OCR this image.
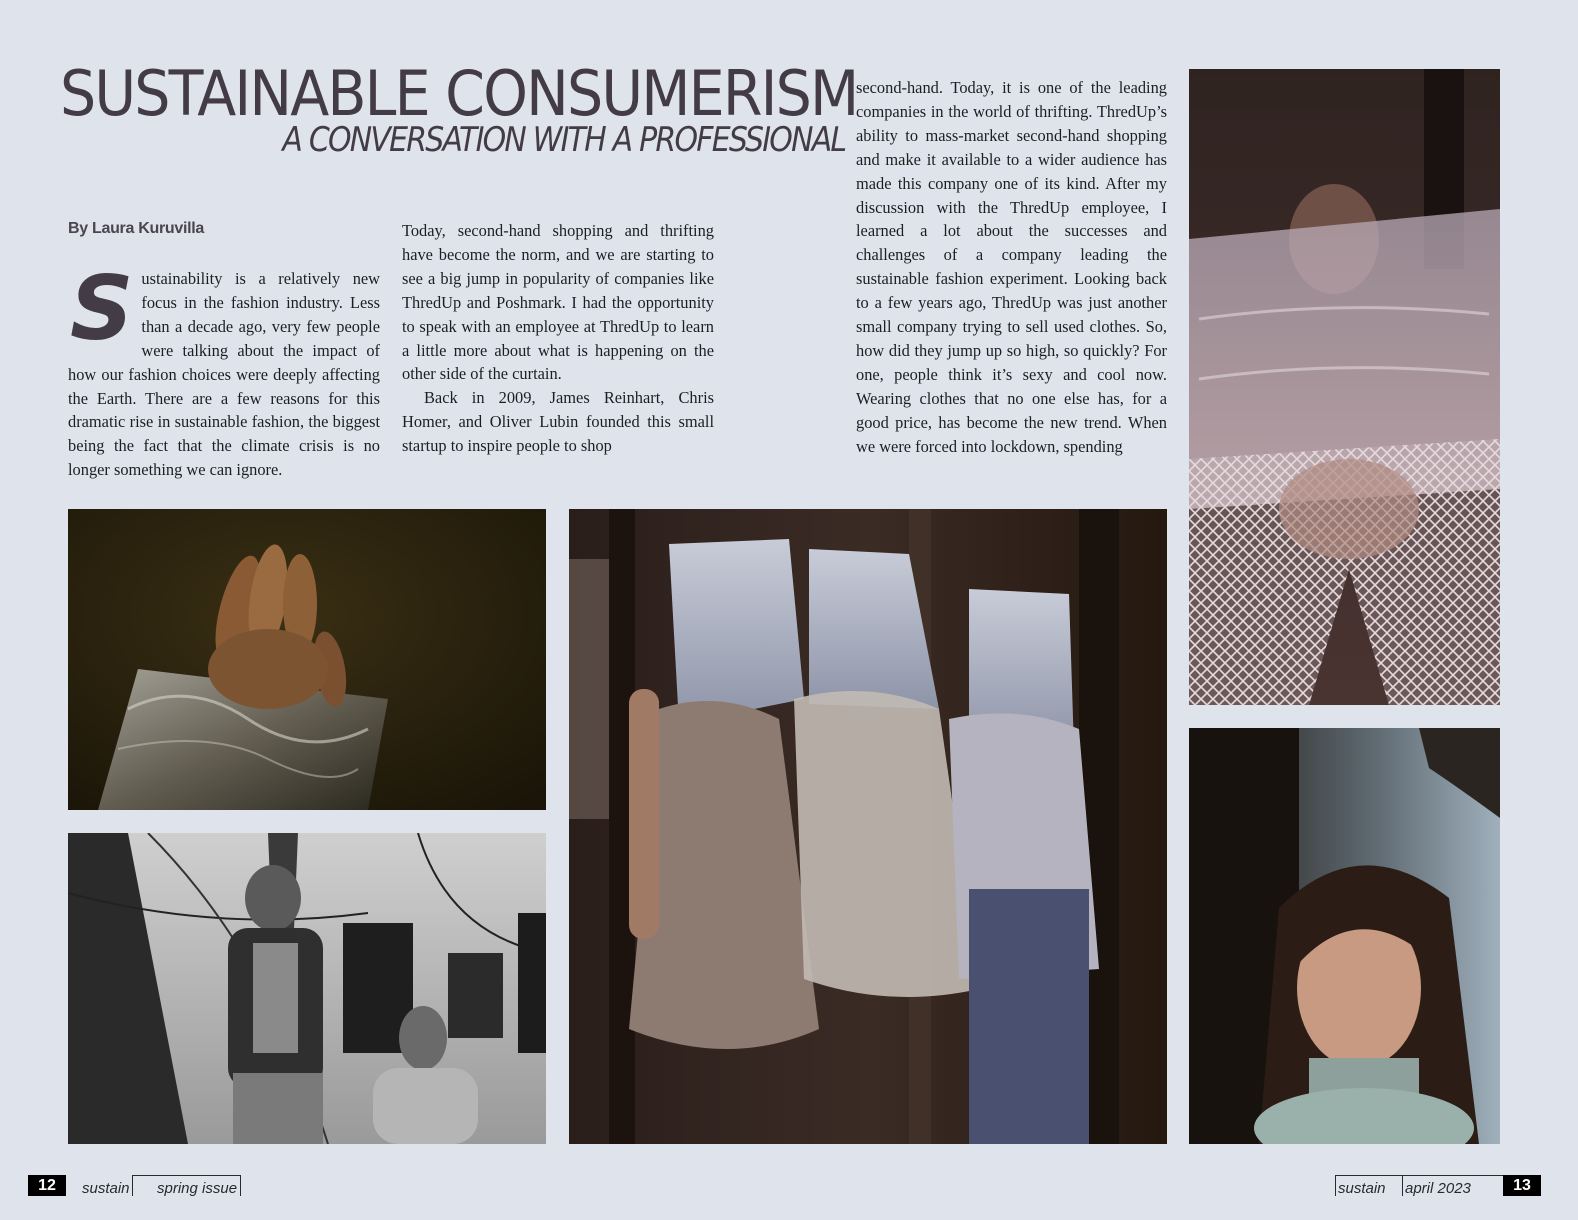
SUSTAINABLE CONSUMERISM
A CONVERSATION WITH A PROFESSIONAL
By Laura Kuruvilla
S ustainability is a relatively new focus in the fashion industry. Less than a decade ago, very few people were talking about the impact of how our fashion choices were deeply affecting the Earth. There are a few reasons for this dramatic rise in sustainable fashion, the biggest being the fact that the climate crisis is no longer something we can ignore.

Today, second-hand shopping and thrifting have become the norm, and we are starting to see a big jump in popularity of companies like ThredUp and Poshmark. I had the opportunity to speak with an employee at ThredUp to learn a little more about what is happening on the other side of the curtain.

Back in 2009, James Reinhart, Chris Homer, and Oliver Lubin founded this small startup to inspire people to shop

second-hand. Today, it is one of the leading companies in the world of thrifting. ThredUp’s ability to mass-market second-hand shopping and make it available to a wider audience has made this company one of its kind. After my discussion with the ThredUp employee, I learned a lot about the successes and challenges of a company leading the sustainable fashion experiment. Looking back to a few years ago, ThredUp was just another small company trying to sell used clothes. So, how did they jump up so high, so quickly? For one, people think it’s sexy and cool now. Wearing clothes that no one else has, for a good price, has become the new trend. When we were forced into lockdown, spending

12	sustain spring issue	sustain april 2023	13
